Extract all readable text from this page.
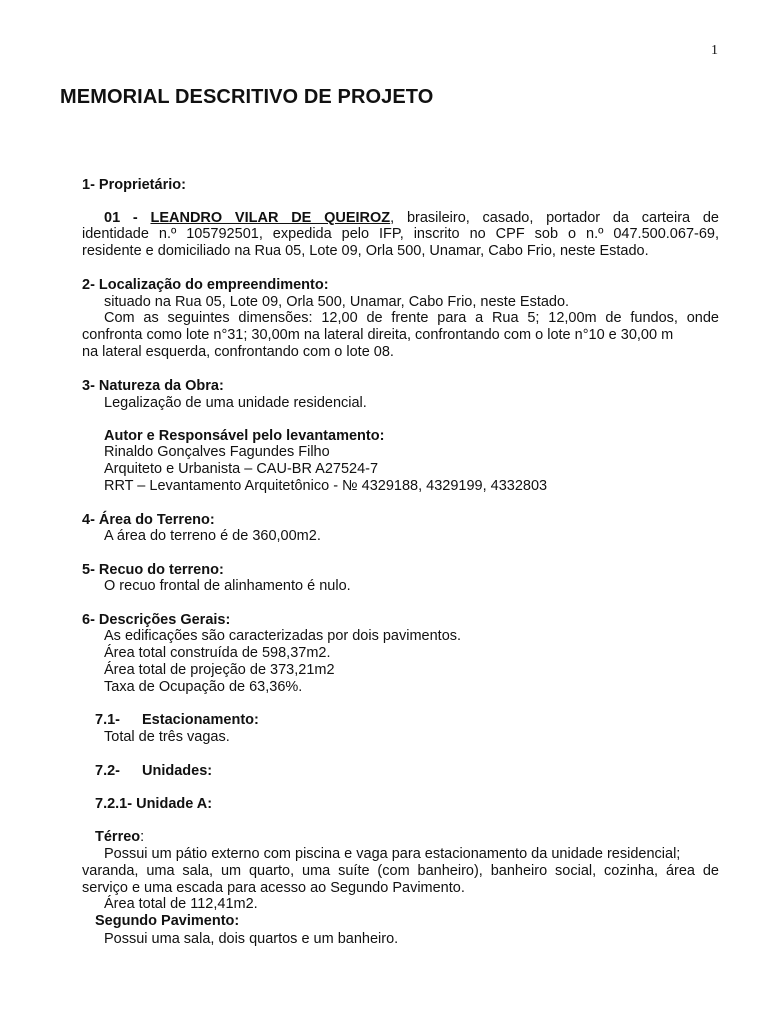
1
MEMORIAL DESCRITIVO DE PROJETO
1- Proprietário:
01 - LEANDRO VILAR DE QUEIROZ, brasileiro, casado, portador da carteira de
identidade n.º 105792501, expedida pelo IFP, inscrito no CPF sob o n.º 047.500.067-69,
residente e domiciliado na Rua 05, Lote 09, Orla 500, Unamar, Cabo Frio, neste Estado.
2- Localização do empreendimento:
situado na Rua 05, Lote 09, Orla 500, Unamar, Cabo Frio, neste Estado.
Com as seguintes dimensões: 12,00 de frente para a Rua 5; 12,00m de fundos, onde
confronta como lote n°31; 30,00m na lateral direita, confrontando com o lote n°10 e 30,00 m
na lateral esquerda, confrontando com o lote 08.
3- Natureza da Obra:
Legalização de uma unidade residencial.
Autor e Responsável pelo levantamento:
Rinaldo Gonçalves Fagundes Filho
Arquiteto e Urbanista – CAU-BR A27524-7
RRT – Levantamento Arquitetônico - № 4329188, 4329199, 4332803
4- Área do Terreno:
A área do terreno é de 360,00m2.
5- Recuo do terreno:
O recuo frontal de alinhamento é nulo.
6- Descrições Gerais:
As edificações são caracterizadas por dois pavimentos.
Área total construída de 598,37m2.
Área total de projeção de 373,21m2
Taxa de Ocupação de 63,36%.
7.1- Estacionamento:
Total de três vagas.
7.2- Unidades:
7.2.1- Unidade A:
Térreo:
Possui um pátio externo com piscina e vaga para estacionamento da unidade residencial;
varanda, uma sala, um quarto, uma suíte (com banheiro), banheiro social, cozinha, área de
serviço e uma escada para acesso ao Segundo Pavimento.
Área total de 112,41m2.
Segundo Pavimento:
Possui uma sala, dois quartos e um banheiro.
